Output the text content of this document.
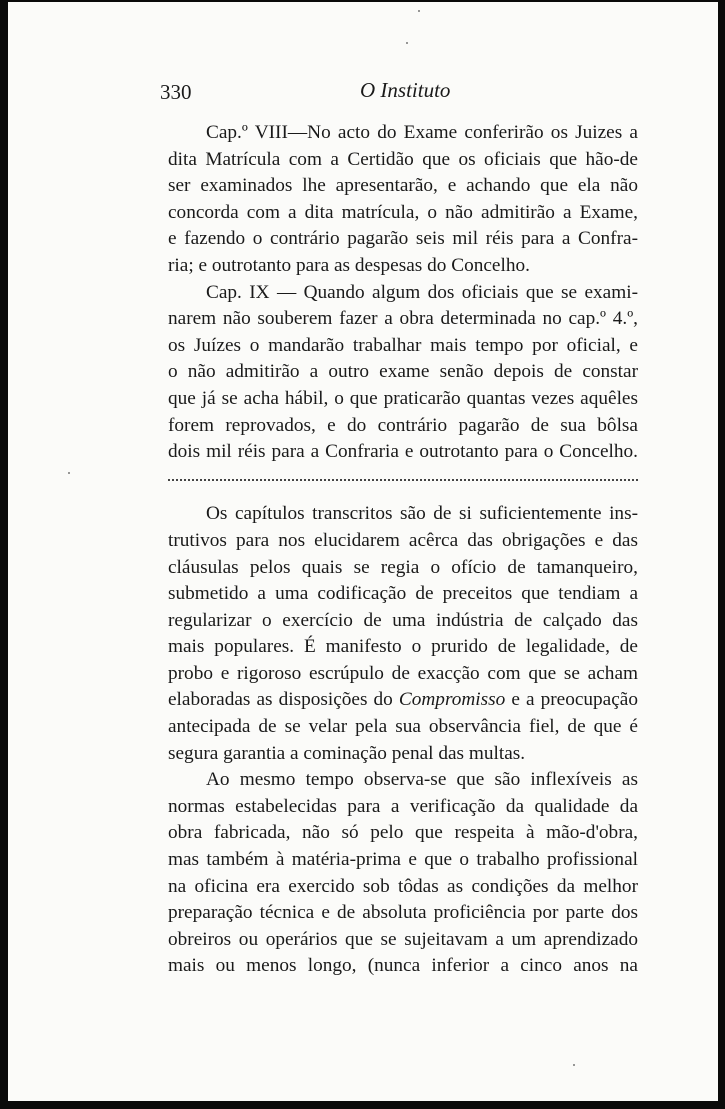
330	O Instituto
Cap.º VIII—No acto do Exame conferirão os Juizes a
dita Matrícula com a Certidão que os oficiais que hão-de
ser examinados lhe apresentarão, e achando que ela não
concorda com a dita matrícula, o não admitirão a Exame,
e fazendo o contrário pagarão seis mil réis para a Confra-
ria; e outrotanto para as despesas do Concelho.
Cap. IX — Quando algum dos oficiais que se exami-
narem não souberem fazer a obra determinada no cap.º 4.º,
os Juízes o mandarão trabalhar mais tempo por oficial, e
o não admitirão a outro exame senão depois de constar
que já se acha hábil, o que praticarão quantas vezes aquêles
forem reprovados, e do contrário pagarão de sua bôlsa
dois mil réis para a Confraria e outrotanto para o Concelho.
Os capítulos transcritos são de si suficientemente ins-
trutivos para nos elucidarem acêrca das obrigações e das
cláusulas pelos quais se regia o ofício de tamanqueiro,
submetido a uma codificação de preceitos que tendiam a
regularizar o exercício de uma indústria de calçado das
mais populares. É manifesto o prurido de legalidade, de
probo e rigoroso escrúpulo de exacção com que se acham
elaboradas as disposições do Compromisso e a preocupação
antecipada de se velar pela sua observância fiel, de que é
segura garantia a cominação penal das multas.
Ao mesmo tempo observa-se que são inflexíveis as
normas estabelecidas para a verificação da qualidade da
obra fabricada, não só pelo que respeita à mão-d'obra,
mas também à matéria-prima e que o trabalho profissional
na oficina era exercido sob tôdas as condições da melhor
preparação técnica e de absoluta proficiência por parte dos
obreiros ou operários que se sujeitavam a um aprendizado
mais ou menos longo, (nunca inferior a cinco anos na
